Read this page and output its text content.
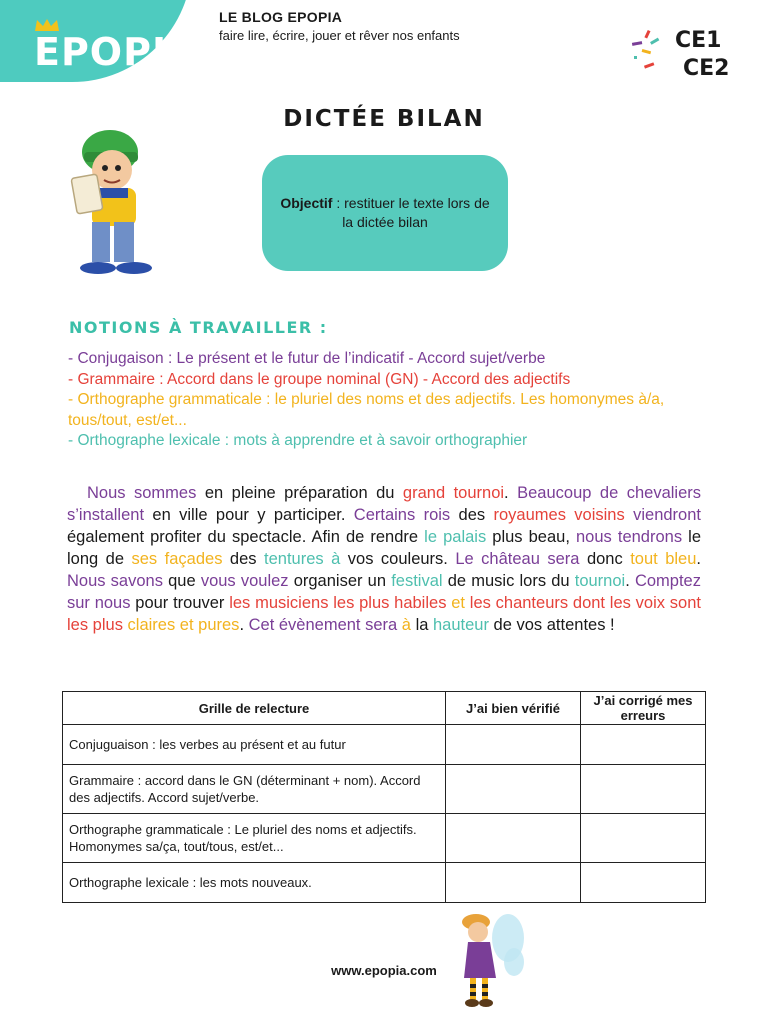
EPOPIA
LE BLOG EPOPIA
faire lire, écrire, jouer et rêver nos enfants	CE1
CE2
DICTÉE BILAN
Objectif : restituer le texte lors de la dictée bilan
NOTIONS À TRAVAILLER :
- Conjugaison : Le présent et le futur de l’indicatif - Accord sujet/verbe
- Grammaire : Accord dans le groupe nominal (GN) - Accord des adjectifs
- Orthographe grammaticale : le pluriel des noms et des adjectifs. Les homonymes à/a, tous/tout, est/et...
- Orthographe lexicale : mots à apprendre et à savoir orthographier
Nous sommes en pleine préparation du grand tournoi. Beaucoup de chevaliers s’installent en ville pour y participer. Certains rois des royaumes voisins viendront également profiter du spectacle. Afin de rendre le palais plus beau, nous tendrons le long de ses façades des tentures à vos couleurs. Le château sera donc tout bleu. Nous savons que vous voulez organiser un festival de music lors du tournoi. Comptez sur nous pour trouver les musiciens les plus habiles et les chanteurs dont les voix sont les plus claires et pures. Cet évènement sera à la hauteur de vos attentes !
Grille de relecture	J’ai bien vérifié	J’ai corrigé mes erreurs
Conjuguaison : les verbes au présent et au futur		
Grammaire : accord dans le GN (déterminant + nom). Accord des adjectifs. Accord sujet/verbe.		
Orthographe grammaticale : Le pluriel des noms et adjectifs. Homonymes sa/ça, tout/tous, est/et...		
Orthographe lexicale : les mots nouveaux.		
www.epopia.com
